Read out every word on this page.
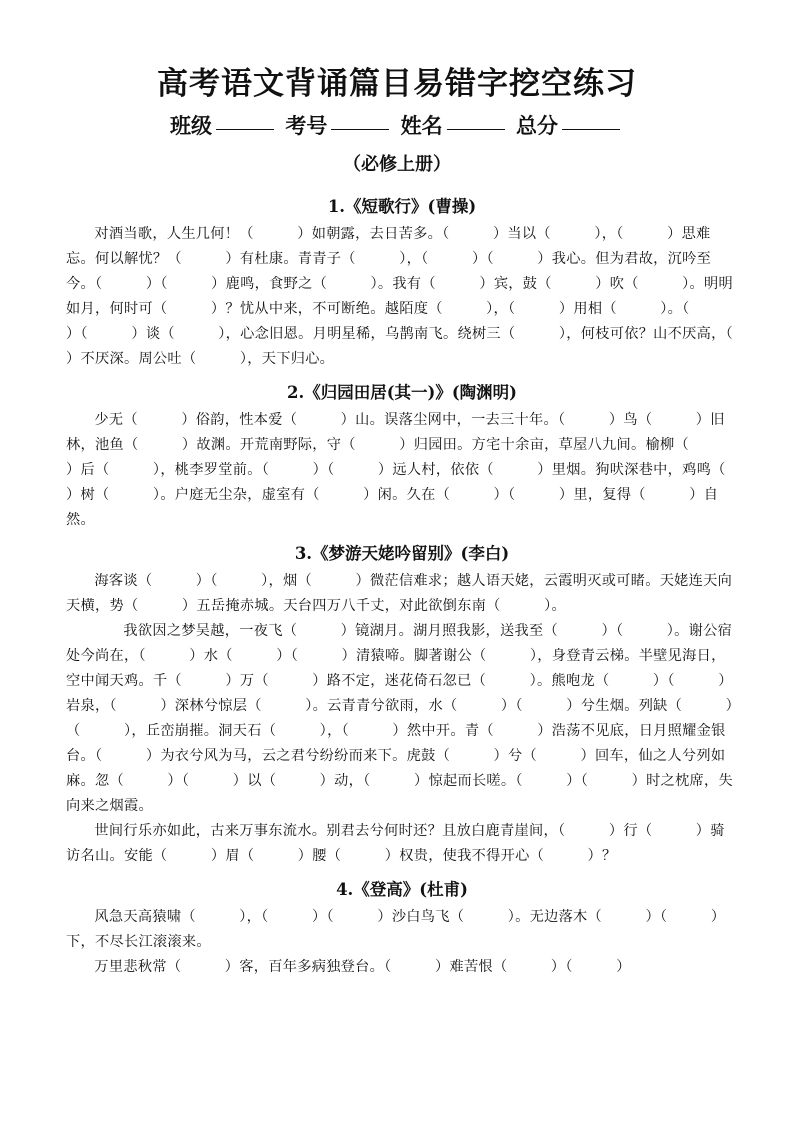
高考语文背诵篇目易错字挖空练习
班级	考号	姓名	总分
（必修上册）
1.《短歌行》(曹操)

对酒当歌，人生几何！（　　　）如朝露，去日苦多。（　　　）当以（　　　），（　　　）思难忘。何以解忧？（　　　）有杜康。青青子（　　　），（　　　）（　　　）我心。但为君故，沉吟至今。（　　　）（　　　）鹿鸣，食野之（　　　）。我有（　　　）宾，鼓（　　　）吹（　　　）。明明如月，何时可（　　　）？忧从中来，不可断绝。越陌度（　　　），（　　　）用相（　　　）。（　　　）（　　　）谈（　　　），心念旧恩。月明星稀，乌鹊南飞。绕树三（　　　），何枝可依？山不厌高，（　　　）不厌深。周公吐（　　　），天下归心。

2.《归园田居(其一)》(陶渊明)

少无（　　　）俗韵，性本爱（　　　）山。误落尘网中，一去三十年。（　　　）鸟（　　　）旧林，池鱼（　　　）故渊。开荒南野际，守（　　　）归园田。方宅十余亩，草屋八九间。榆柳（　　　）后（　　　），桃李罗堂前。（　　　）（　　　）远人村，依依（　　　）里烟。狗吠深巷中，鸡鸣（　　　）树（　　　）。户庭无尘杂，虚室有（　　　）闲。久在（　　　）（　　　）里，复得（　　　）自然。

3.《梦游天姥吟留别》(李白)

海客谈（　　　）（　　　），烟（　　　）微茫信难求；越人语天姥，云霞明灭或可睹。天姥连天向天横，势（　　　）五岳掩赤城。天台四万八千丈，对此欲倒东南（　　　）。

　　我欲因之梦吴越，一夜飞（　　　）镜湖月。湖月照我影，送我至（　　　）（　　　）。谢公宿处今尚在，（　　　）水（　　　）（　　　）清猿啼。脚著谢公（　　　），身登青云梯。半壁见海日，空中闻天鸡。千（　　　）万（　　　）路不定，迷花倚石忽已（　　　）。熊咆龙（　　　）（　　　）岩泉，（　　　）深林兮惊层（　　　）。云青青兮欲雨，水（　　　）（　　　）兮生烟。列缺（　　　）（　　　），丘峦崩摧。洞天石（　　　），（　　　）然中开。青（　　　）浩荡不见底，日月照耀金银台。（　　　）为衣兮风为马，云之君兮纷纷而来下。虎鼓（　　　）兮（　　　）回车，仙之人兮列如麻。忽（　　　）（　　　）以（　　　）动，（　　　）惊起而长嗟。（　　　）（　　　）时之枕席，失向来之烟霞。

世间行乐亦如此，古来万事东流水。别君去兮何时还？且放白鹿青崖间，（　　　）行（　　　）骑访名山。安能（　　　）眉（　　　）腰（　　　）权贵，使我不得开心（　　　）？

4.《登高》(杜甫)

风急天高猿啸（　　　），（　　　）（　　　）沙白鸟飞（　　　）。无边落木（　　　）（　　　）下，不尽长江滚滚来。

万里悲秋常（　　　）客，百年多病独登台。（　　　）难苦恨（　　　）（　　　）
